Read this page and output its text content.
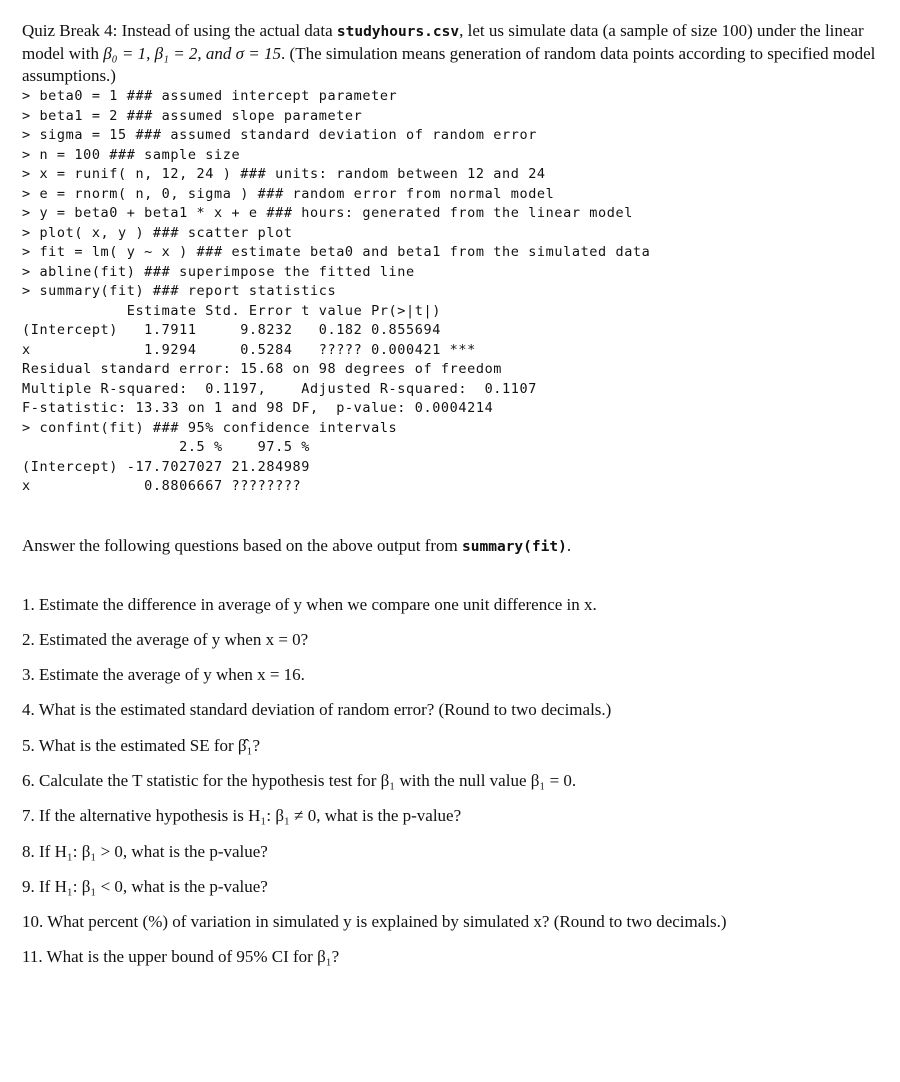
Quiz Break 4: Instead of using the actual data studyhours.csv, let us simulate data (a sample of size 100) under the linear model with β₀ = 1, β₁ = 2, and σ = 15. (The simulation means generation of random data points according to specified model assumptions.)

> beta0 = 1 ### assumed intercept parameter
> beta1 = 2 ### assumed slope parameter
> sigma = 15 ### assumed standard deviation of random error
> n = 100 ### sample size
> x = runif( n, 12, 24 ) ### units: random between 12 and 24
> e = rnorm( n, 0, sigma ) ### random error from normal model
> y = beta0 + beta1 * x + e ### hours: generated from the linear model
> plot( x, y ) ### scatter plot
> fit = lm( y ~ x ) ### estimate beta0 and beta1 from the simulated data
> abline(fit) ### superimpose the fitted line
> summary(fit) ### report statistics
Estimate Std. Error t value Pr(>|t|)
(Intercept)   1.7911     9.8232   0.182 0.855694
x             1.9294     0.5284   ????? 0.000421 ***
Residual standard error: 15.68 on 98 degrees of freedom
Multiple R-squared:  0.1197,    Adjusted R-squared:  0.1107
F-statistic: 13.33 on 1 and 98 DF,  p-value: 0.0004214
> confint(fit) ### 95% confidence intervals
2.5 %    97.5 %
(Intercept) -17.7027027 21.284989
x             0.8806667 ????????
Answer the following questions based on the above output from summary(fit).
1. Estimate the difference in average of y when we compare one unit difference in x.
2. Estimated the average of y when x = 0?
3. Estimate the average of y when x = 16.
4. What is the estimated standard deviation of random error? (Round to two decimals.)
5. What is the estimated SE for β̂₁?
6. Calculate the T statistic for the hypothesis test for β₁ with the null value β₁ = 0.
7. If the alternative hypothesis is H₁: β₁ ≠ 0, what is the p-value?
8. If H₁: β₁ > 0, what is the p-value?
9. If H₁: β₁ < 0, what is the p-value?
10. What percent (%) of variation in simulated y is explained by simulated x? (Round to two decimals.)
11. What is the upper bound of 95% CI for β₁?
